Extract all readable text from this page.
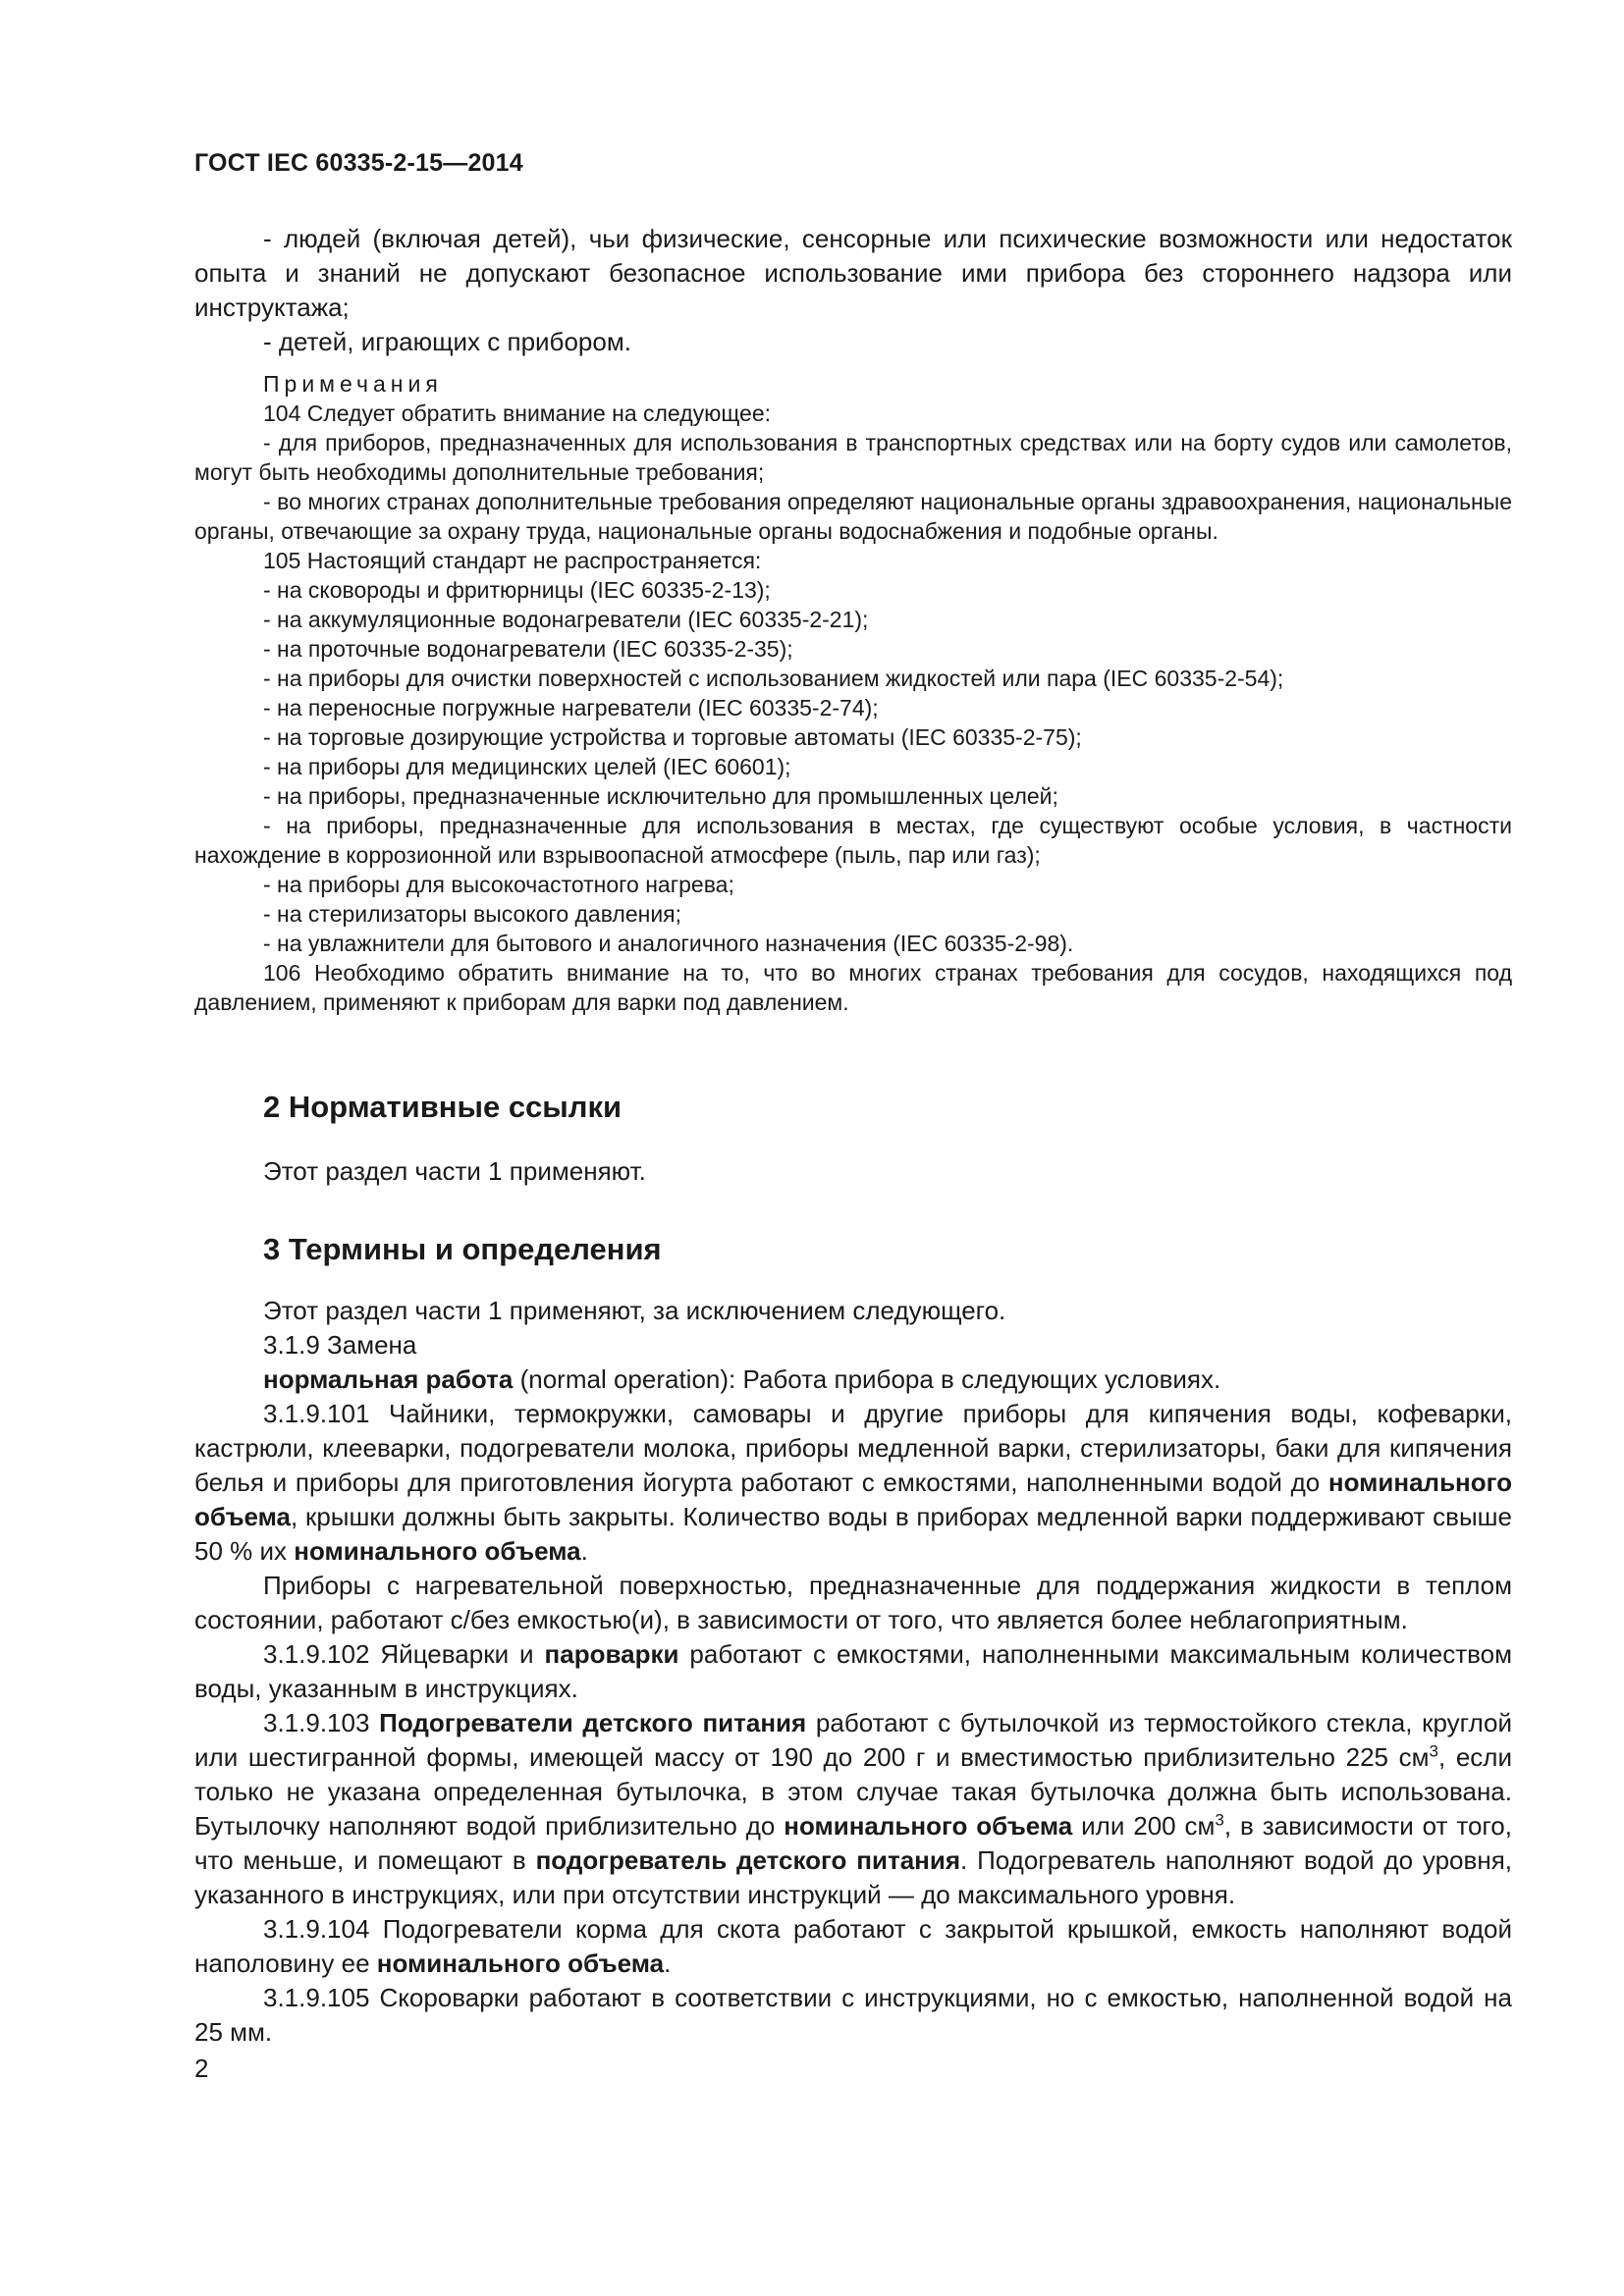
ГОСТ IEC 60335-2-15—2014

- людей (включая детей), чьи физические, сенсорные или психические возможности или недостаток опыта и знаний не допускают безопасное использование ими прибора без стороннего надзора или инструктажа;

- детей, играющих с прибором.

Примечания

104 Следует обратить внимание на следующее:

- для приборов, предназначенных для использования в транспортных средствах или на борту судов или самолетов, могут быть необходимы дополнительные требования;

- во многих странах дополнительные требования определяют национальные органы здравоохранения, национальные органы, отвечающие за охрану труда, национальные органы водоснабжения и подобные органы.

105 Настоящий стандарт не распространяется:

- на сковороды и фритюрницы (IEC 60335-2-13);

- на аккумуляционные водонагреватели (IEC 60335-2-21);

- на проточные водонагреватели (IEC 60335-2-35);

- на приборы для очистки поверхностей с использованием жидкостей или пара (IEC 60335-2-54);

- на переносные погружные нагреватели (IEC 60335-2-74);

- на торговые дозирующие устройства и торговые автоматы (IEC 60335-2-75);

- на приборы для медицинских целей (IEC 60601);

- на приборы, предназначенные исключительно для промышленных целей;

- на приборы, предназначенные для использования в местах, где существуют особые условия, в частности нахождение в коррозионной или взрывоопасной атмосфере (пыль, пар или газ);

- на приборы для высокочастотного нагрева;

- на стерилизаторы высокого давления;

- на увлажнители для бытового и аналогичного назначения (IEC 60335-2-98).

106 Необходимо обратить внимание на то, что во многих странах требования для сосудов, находящихся под давлением, применяют к приборам для варки под давлением.

2 Нормативные ссылки

Этот раздел части 1 применяют.

3 Термины и определения

Этот раздел части 1 применяют, за исключением следующего.

3.1.9 Замена

нормальная работа (normal operation): Работа прибора в следующих условиях.

3.1.9.101 Чайники, термокружки, самовары и другие приборы для кипячения воды, кофеварки, кастрюли, клееварки, подогреватели молока, приборы медленной варки, стерилизаторы, баки для кипячения белья и приборы для приготовления йогурта работают с емкостями, наполненными водой до номинального объема, крышки должны быть закрыты. Количество воды в приборах медленной варки поддерживают свыше 50 % их номинального объема.

Приборы с нагревательной поверхностью, предназначенные для поддержания жидкости в теплом состоянии, работают с/без емкостью(и), в зависимости от того, что является более неблагоприятным.

3.1.9.102 Яйцеварки и пароварки работают с емкостями, наполненными максимальным количеством воды, указанным в инструкциях.

3.1.9.103 Подогреватели детского питания работают с бутылочкой из термостойкого стекла, круглой или шестигранной формы, имеющей массу от 190 до 200 г и вместимостью приблизительно 225 $см^3$, если только не указана определенная бутылочка, в этом случае такая бутылочка должна быть использована. Бутылочку наполняют водой приблизительно до номинального объема или 200 $см^3$, в зависимости от того, что меньше, и помещают в подогреватель детского питания. Подогреватель наполняют водой до уровня, указанного в инструкциях, или при отсутствии инструкций — до максимального уровня.

3.1.9.104 Подогреватели корма для скота работают с закрытой крышкой, емкость наполняют водой наполовину ее номинального объема.

3.1.9.105 Скороварки работают в соответствии с инструкциями, но с емкостью, наполненной водой на 25 мм.

2
